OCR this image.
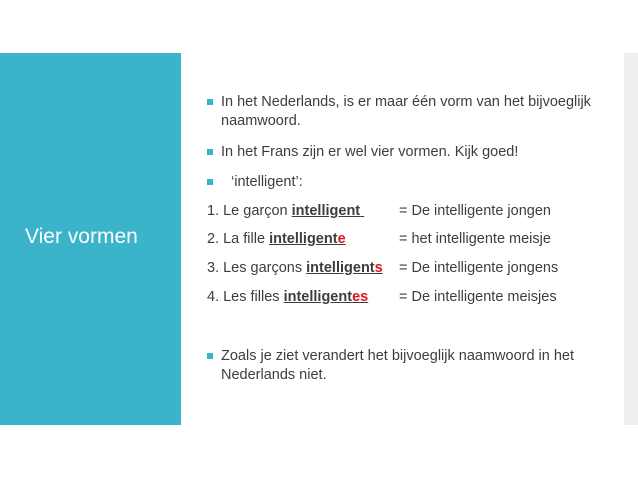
Vier vormen
In het Nederlands, is er maar één vorm van het bijvoeglijk naamwoord.
In het Frans zijn er wel vier vormen. Kijk goed!
‘intelligent’:
1. Le garçon intelligent	= De intelligente jongen
2. La fille intelligente	= het intelligente meisje
3. Les garçons intelligents = De intelligente jongens
4. Les filles intelligentes = De intelligente meisjes
Zoals je ziet verandert het bijvoeglijk naamwoord in het Nederlands niet.
